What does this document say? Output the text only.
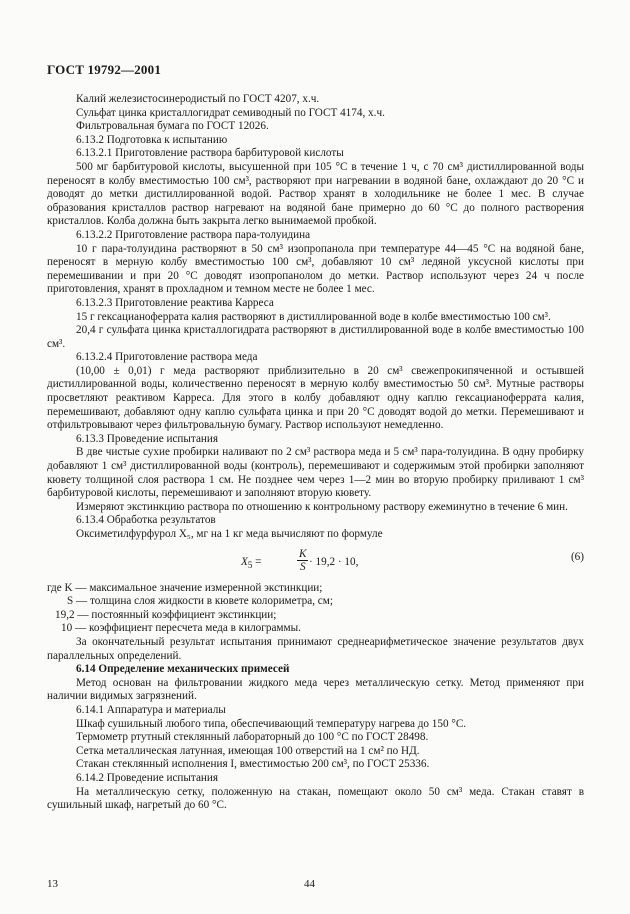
ГОСТ 19792—2001
Калий железистосинеродистый по ГОСТ 4207, х.ч.
Сульфат цинка кристаллогидрат семиводный по ГОСТ 4174, х.ч.
Фильтровальная бумага по ГОСТ 12026.
6.13.2 Подготовка к испытанию
6.13.2.1 Приготовление раствора барбитуровой кислоты

500 мг барбитуровой кислоты, высушенной при 105 °С в течение 1 ч, с 70 см³ дистиллированной воды переносят в колбу вместимостью 100 см³, растворяют при нагревании в водяной бане, охлаждают до 20 °С и доводят до метки дистиллированной водой. Раствор хранят в холодильнике не более 1 мес. В случае образования кристаллов раствор нагревают на водяной бане примерно до 60 °С до полного растворения кристаллов. Колба должна быть закрыта легко вынимаемой пробкой.

6.13.2.2 Приготовление раствора пара-толуидина

10 г пара-толуидина растворяют в 50 см³ изопропанола при температуре 44—45 °С на водяной бане, переносят в мерную колбу вместимостью 100 см³, добавляют 10 см³ ледяной уксусной кислоты при перемешивании и при 20 °С доводят изопропанолом до метки. Раствор используют через 24 ч после приготовления, хранят в прохладном и темном месте не более 1 мес.

6.13.2.3 Приготовление реактива Карреса

15 г гексацианоферрата калия растворяют в дистиллированной воде в колбе вместимостью 100 см³.

20,4 г сульфата цинка кристаллогидрата растворяют в дистиллированной воде в колбе вместимостью 100 см³.

6.13.2.4 Приготовление раствора меда

(10,00 ± 0,01) г меда растворяют приблизительно в 20 см³ свежепрокипяченной и остывшей дистиллированной воды, количественно переносят в мерную колбу вместимостью 50 см³. Мутные растворы просветляют реактивом Карреса. Для этого в колбу добавляют одну каплю гексацианоферрата калия, перемешивают, добавляют одну каплю сульфата цинка и при 20 °С доводят водой до метки. Перемешивают и отфильтровывают через фильтровальную бумагу. Раствор используют немедленно.

6.13.3 Проведение испытания

В две чистые сухие пробирки наливают по 2 см³ раствора меда и 5 см³ пара-толуидина. В одну пробирку добавляют 1 см³ дистиллированной воды (контроль), перемешивают и содержимым этой пробирки заполняют кювету толщиной слоя раствора 1 см. Не позднее чем через 1—2 мин во вторую пробирку приливают 1 см³ барбитуровой кислоты, перемешивают и заполняют вторую кювету.

Измеряют экстинкцию раствора по отношению к контрольному раствору ежеминутно в течение 6 мин.

6.13.4 Обработка результатов
Оксиметилфурфурол X₅, мг на 1 кг меда вычисляют по формуле
$X_5$ =	$\frac{K}{S} \cdot 19,2 \cdot 10$,	(6)
где K — максимальное значение измеренной экстинкции;
S — толщина слоя жидкости в кювете колориметра, см;
19,2 — постоянный коэффициент экстинкции;
10 — коэффициент пересчета меда в килограммы.

За окончательный результат испытания принимают среднеарифметическое значение результатов двух параллельных определений.

6.14 Определение механических примесей

Метод основан на фильтровании жидкого меда через металлическую сетку. Метод применяют при наличии видимых загрязнений.

6.14.1 Аппаратура и материалы
Шкаф сушильный любого типа, обеспечивающий температуру нагрева до 150 °С.
Термометр ртутный стеклянный лабораторный до 100 °С по ГОСТ 28498.
Сетка металлическая латунная, имеющая 100 отверстий на 1 см² по НД.
Стакан стеклянный исполнения I, вместимостью 200 см³, по ГОСТ 25336.
6.14.2 Проведение испытания

На металлическую сетку, положенную на стакан, помещают около 50 см³ меда. Стакан ставят в сушильный шкаф, нагретый до 60 °С.

13	44
